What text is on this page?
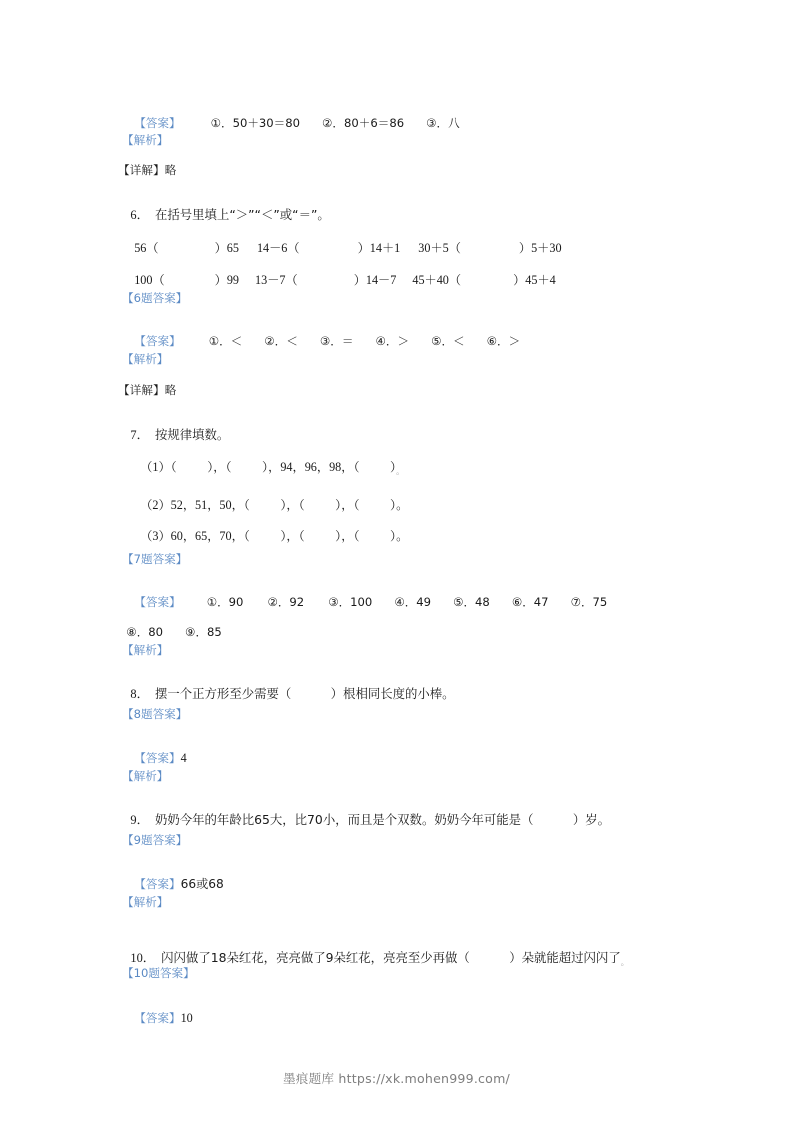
【答案】	①．50＋30＝80 ②．80＋6＝86 ③．八

【解析】
【详解】略

6． 在括号里填上“＞”“＜”或“＝”。

56（	）65 14－6（	）14＋1 30＋5（	）5＋30

100（	）99 13－7（	）14－7 45＋40（	）45＋4

【6题答案】

【答案】 ①．＜ ②．＜ ③．＝ ④．＞ ⑤．＜ ⑥．＞

【解析】
【详解】略

7． 按规律填数。

（1）（          ），（          ），94，96，98，（          ）$_。$

（2）52，51，50，（          ），（          ），（          ）。

（3）60，65，70，（          ），（          ），（          ）。

【7题答案】

【答案】 ①．90 ②．92 ③．100 ④．49 ⑤．48 ⑥．47 ⑦．75

⑧．80 ⑨．85

【解析】

8． 摆一个正方形至少需要（          ）根相同长度的小棒。

【8题答案】

【答案】4

【解析】

9． 奶奶今年的年龄比65大，比70小，而且是个双数。奶奶今年可能是（          ）岁。

【9题答案】

【答案】66或68

【解析】

10． 闪闪做了18朵红花，亮亮做了9朵红花，亮亮至少再做（          ）朵就能超过闪闪了$_。$

【10题答案】

【答案】10

墨痕题库 https://xk.mohen999.com/
